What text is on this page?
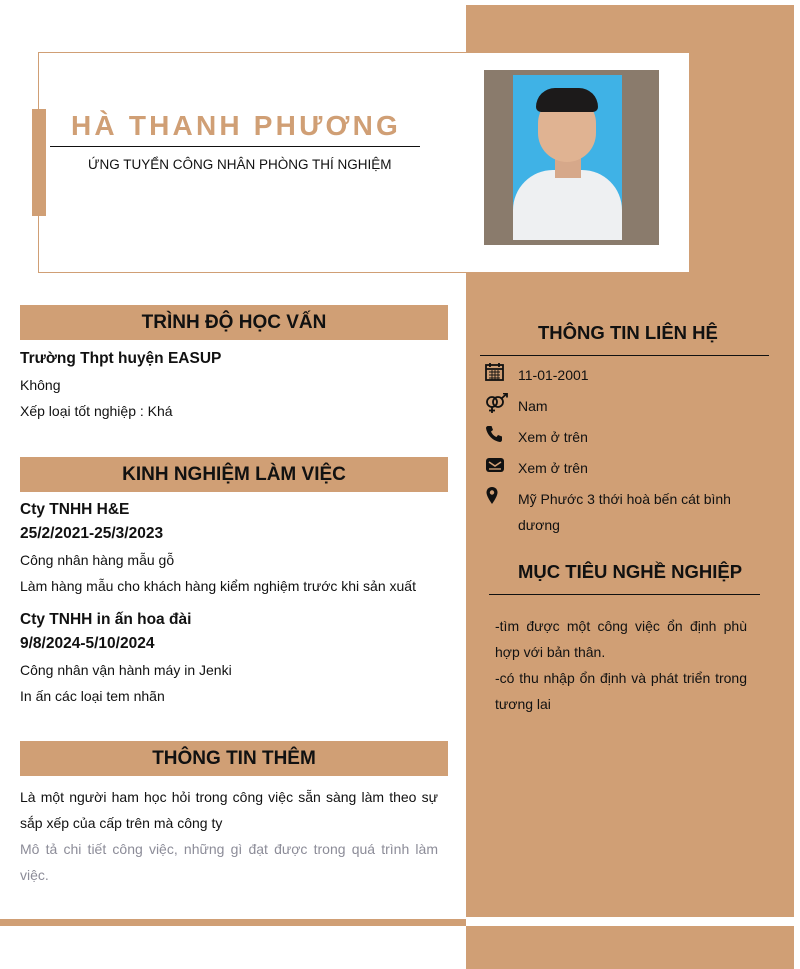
HÀ THANH PHƯƠNG
ỨNG TUYỂN CÔNG NHÂN PHÒNG THÍ NGHIỆM
TRÌNH ĐỘ HỌC VẤN
Trường Thpt huyện EASUP
Không
Xếp loại tốt nghiệp : Khá
KINH NGHIỆM LÀM VIỆC
Cty TNHH H&E
25/2/2021-25/3/2023
Công nhân hàng mẫu gỗ
Làm hàng mẫu cho khách hàng kiểm nghiệm trước khi sản xuất
Cty TNHH in ấn hoa đài
9/8/2024-5/10/2024
Công nhân vận hành máy in Jenki
In ấn các loại tem nhãn
THÔNG TIN THÊM
Là một người ham học hỏi trong công việc sẵn sàng làm theo sự sắp xếp của cấp trên mà công ty
Mô tả chi tiết công việc, những gì đạt được trong quá trình làm việc.
THÔNG TIN LIÊN HỆ
11-01-2001
Nam
Xem ở trên
Xem ở trên
Mỹ Phước 3 thới hoà bến cát bình dương
MỤC TIÊU NGHỀ NGHIỆP
-tìm được một công việc ổn định phù hợp với bản thân.
-có thu nhập ổn định và phát triển trong tương lai
